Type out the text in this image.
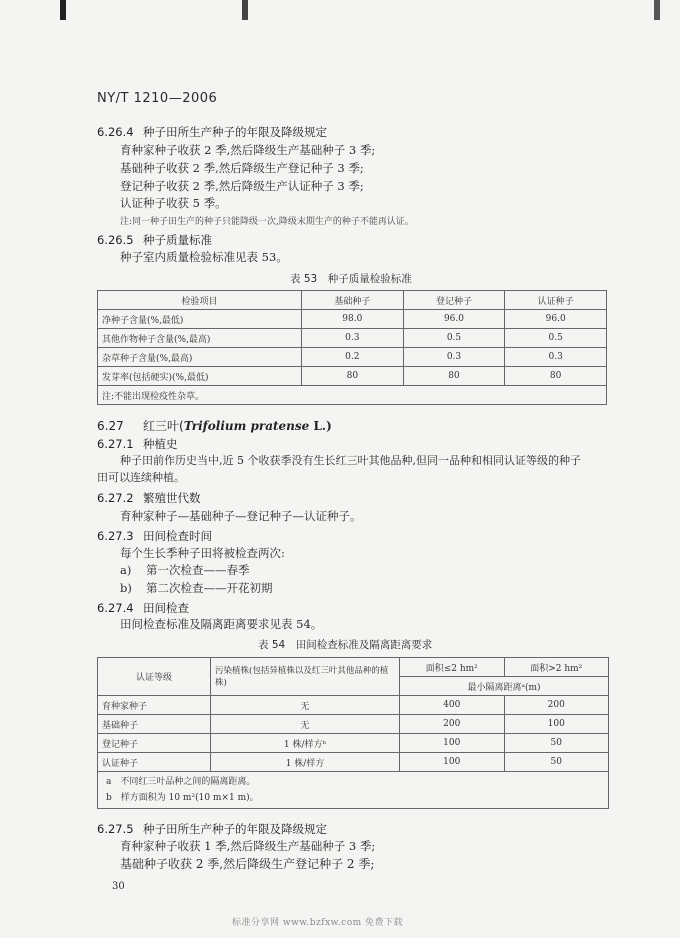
NY/T 1210—2006
6.26.4 种子田所生产种子的年限及降级规定
育种家种子收获 2 季,然后降级生产基础种子 3 季;
基础种子收获 2 季,然后降级生产登记种子 3 季;
登记种子收获 2 季,然后降级生产认证种子 3 季;
认证种子收获 5 季。
注:同一种子田生产的种子只能降级一次,降级末期生产的种子不能再认证。
6.26.5 种子质量标准
种子室内质量检验标准见表 53。
表 53　种子质量检验标准
检验项目	基础种子	登记种子	认证种子
净种子含量(%,最低)	98.0	96.0	96.0
其他作物种子含量(%,最高)	0.3	0.5	0.5
杂草种子含量(%,最高)	0.2	0.3	0.3
发芽率(包括硬实)(%,最低)	80	80	80
注:不能出现检疫性杂草。			
6.27 红三叶(Trifolium pratense L.)
6.27.1 种植史
种子田前作历史当中,近 5 个收获季没有生长红三叶其他品种,但同一品种和相同认证等级的种子
田可以连续种植。
6.27.2 繁殖世代数
育种家种子—基础种子—登记种子—认证种子。
6.27.3 田间检查时间
每个生长季种子田将被检查两次:
a) 第一次检查——春季
b) 第二次检查——开花初期
6.27.4 田间检查
田间检查标准及隔离距离要求见表 54。
表 54　田间检查标准及隔离距离要求
认证等级	污染植株(包括异植株以及红三叶其他品种的植株)	面积≤2 hm²	面积>2 hm²
		最小隔离距离ᵃ(m)	
育种家种子	无	400	200
基础种子	无	200	100
登记种子	1 株/样方ᵇ	100	50
认证种子	1 株/样方	100	50

a　不同红三叶品种之间的隔离距离。
b　样方面积为 10 m²(10 m×1 m)。			
6.27.5 种子田所生产种子的年限及降级规定
育种家种子收获 1 季,然后降级生产基础种子 3 季;
基础种子收获 2 季,然后降级生产登记种子 2 季;
30
标准分享网 www.bzfxw.com 免费下载
